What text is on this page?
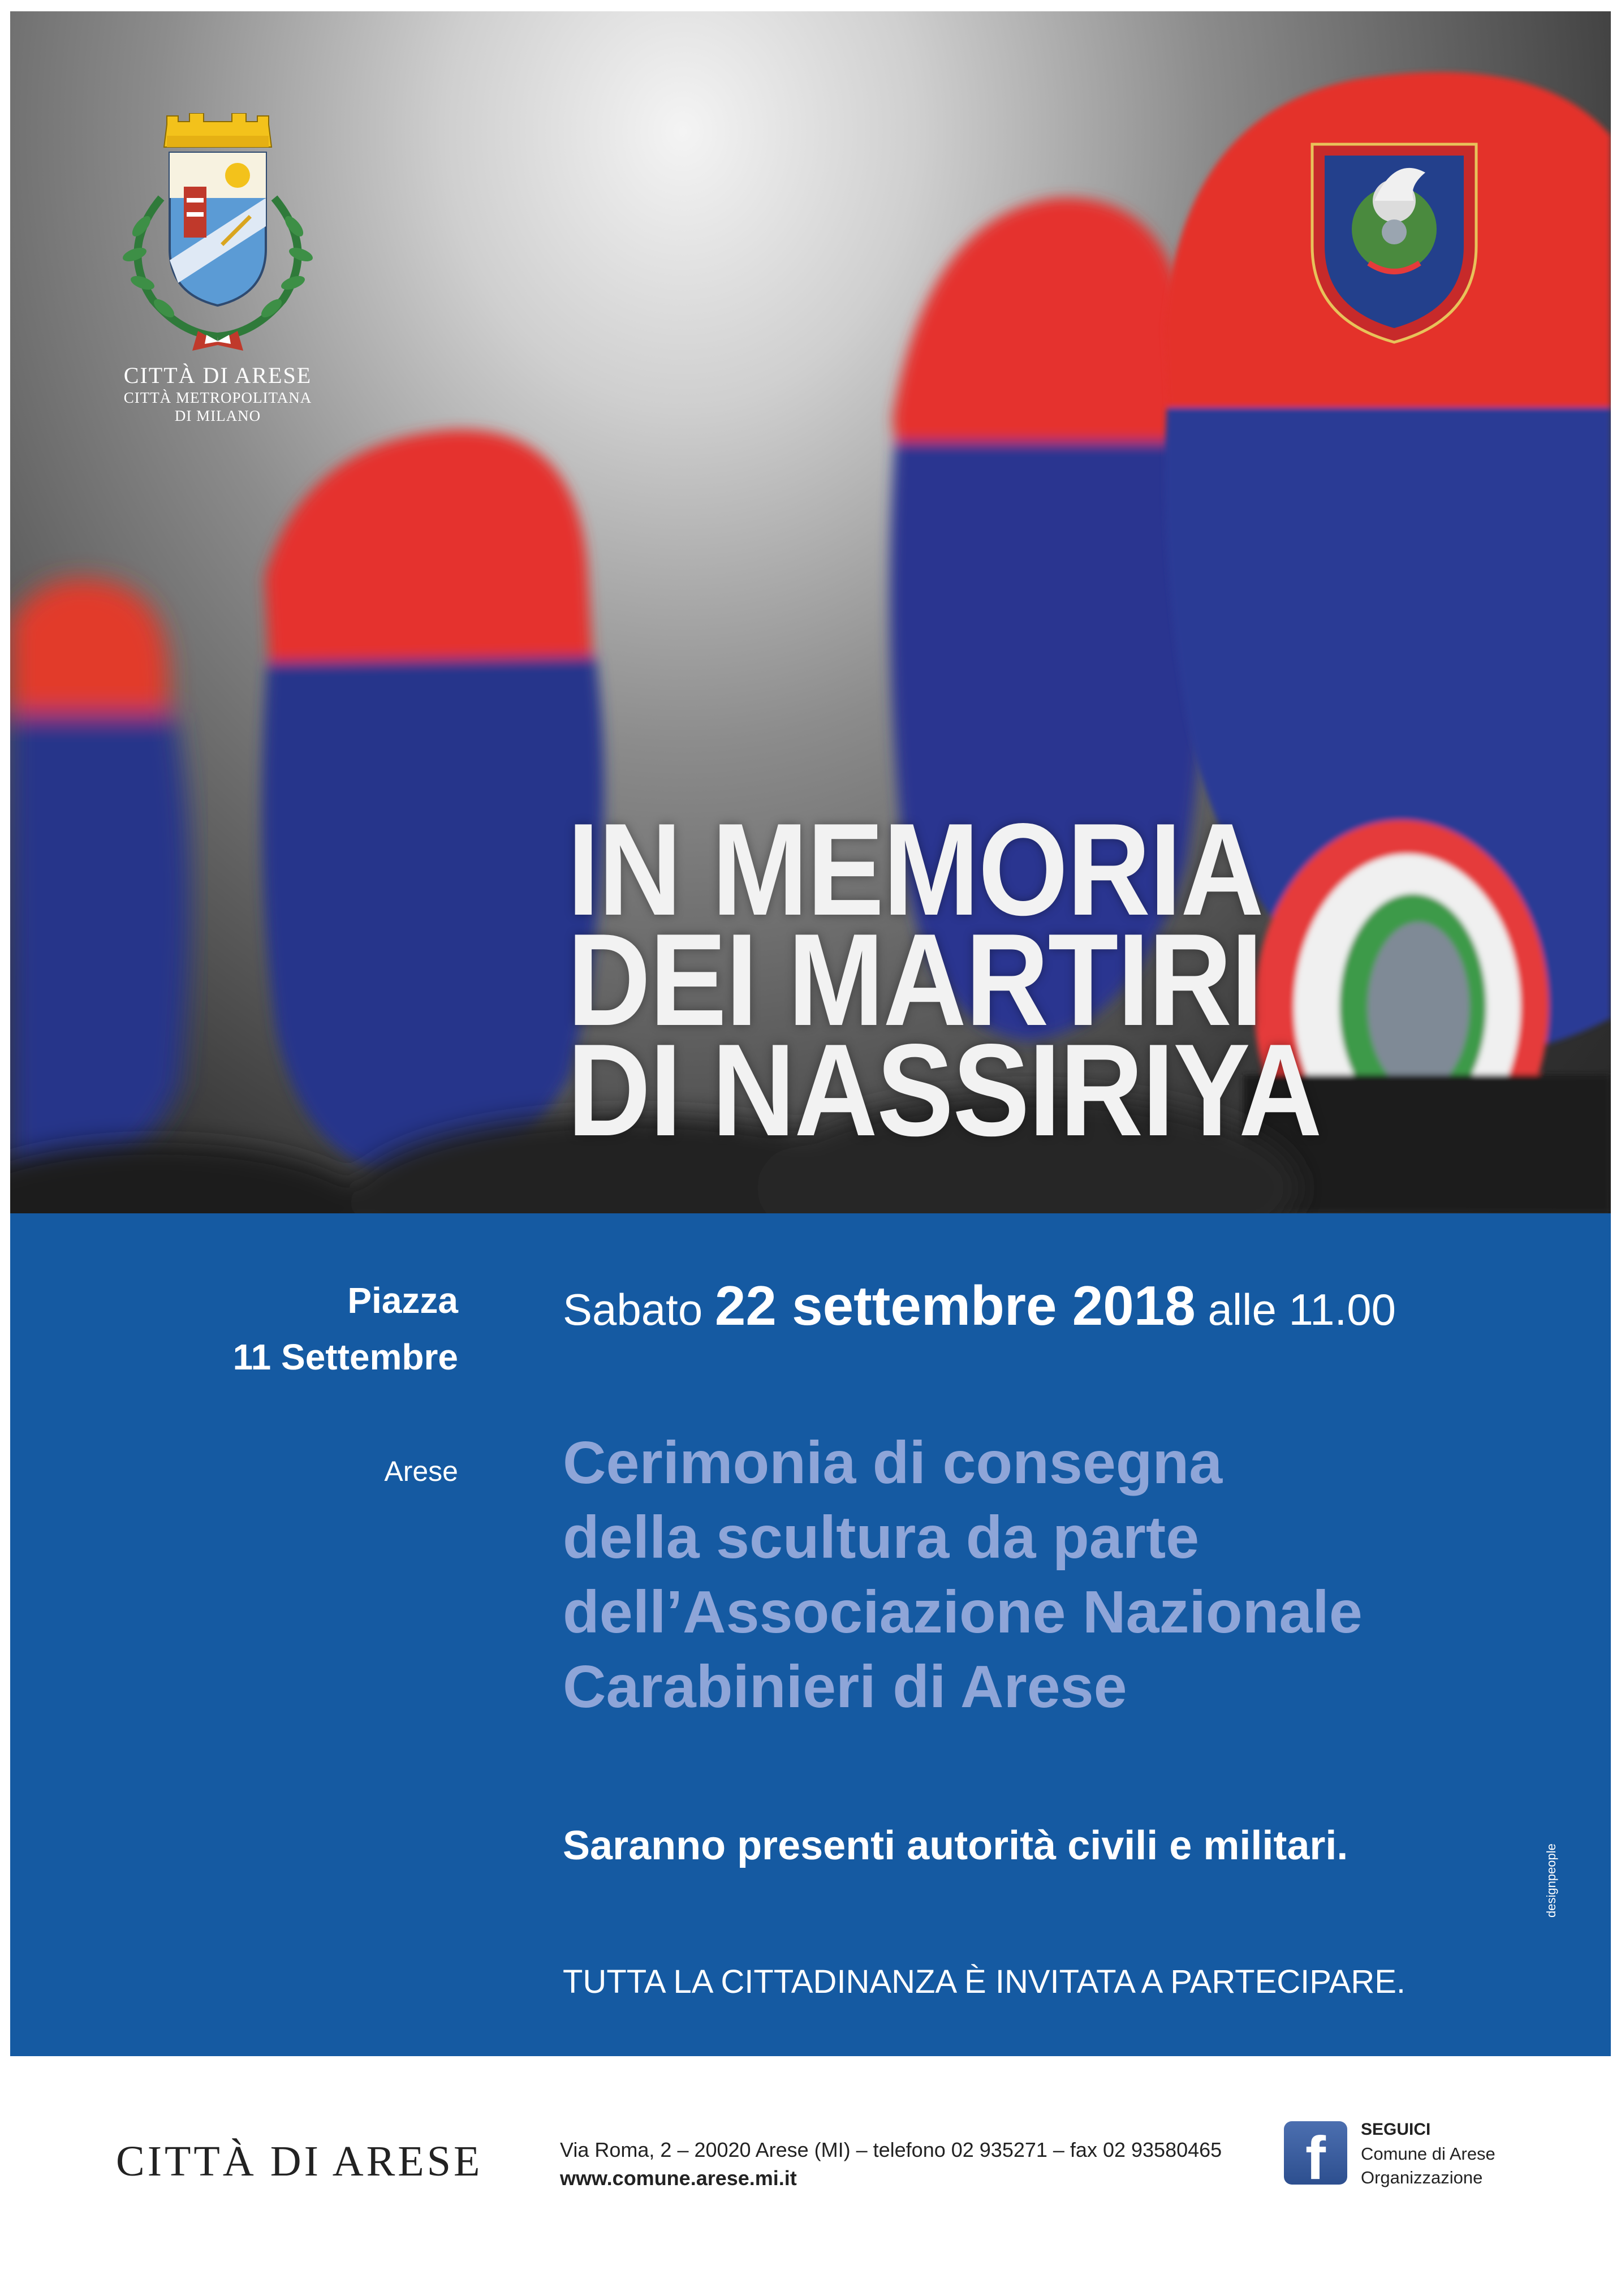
IN MEMORIA
DEI MARTIRI
DI NASSIRIYA
CITTÀ DI ARESE
CITTÀ METROPOLITANA
DI MILANO
Piazza
11 Settembre
Arese
Sabato 22 settembre 2018 alle 11.00
Cerimonia di consegna
della scultura da parte
dell’Associazione Nazionale
Carabinieri di Arese
Saranno presenti autorità civili e militari.
TUTTA LA CITTADINANZA È INVITATA A PARTECIPARE.
designpeople
CITTÀ DI ARESE	Via Roma, 2 – 20020 Arese (MI) – telefono 02 935271 – fax 02 93580465
www.comune.arese.mi.it	f SEGUICI
Comune di Arese
Organizzazione
